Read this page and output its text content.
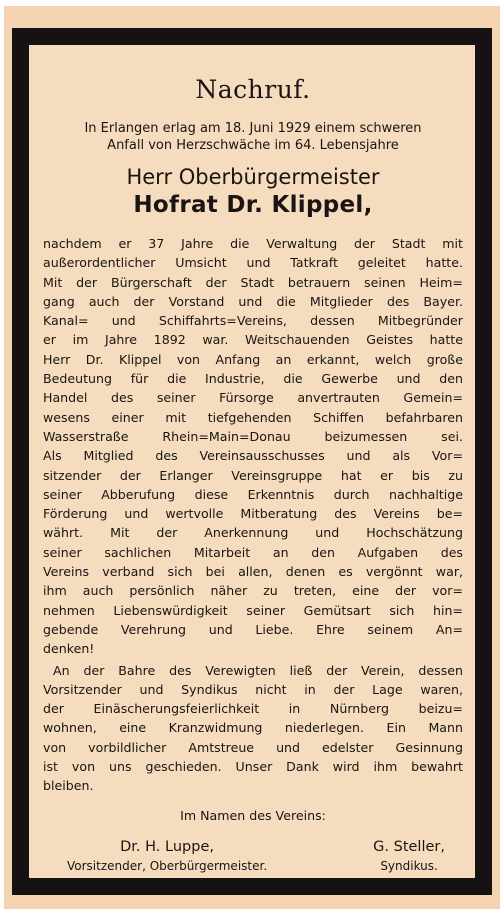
Nachruf.
In Erlangen erlag am 18. Juni 1929 einem schweren
Anfall von Herzschwäche im 64. Lebensjahre
Herr Oberbürgermeister
Hofrat Dr. Klippel,
nachdem er 37 Jahre die Verwaltung der Stadt mit
außerordentlicher Umsicht und Tatkraft geleitet hatte.
Mit der Bürgerschaft der Stadt betrauern seinen Heim=
gang auch der Vorstand und die Mitglieder des Bayer.
Kanal= und Schiffahrts=Vereins, dessen Mitbegründer
er im Jahre 1892 war. Weitschauenden Geistes hatte
Herr Dr. Klippel von Anfang an erkannt, welch große
Bedeutung für die Industrie, die Gewerbe und den
Handel des seiner Fürsorge anvertrauten Gemein=
wesens einer mit tiefgehenden Schiffen befahrbaren
Wasserstraße Rhein=Main=Donau beizumessen sei.
Als Mitglied des Vereinsausschusses und als Vor=
sitzender der Erlanger Vereinsgruppe hat er bis zu
seiner Abberufung diese Erkenntnis durch nachhaltige
Förderung und wertvolle Mitberatung des Vereins be=
währt. Mit der Anerkennung und Hochschätzung
seiner sachlichen Mitarbeit an den Aufgaben des
Vereins verband sich bei allen, denen es vergönnt war,
ihm auch persönlich näher zu treten, eine der vor=
nehmen Liebenswürdigkeit seiner Gemütsart sich hin=
gebende Verehrung und Liebe. Ehre seinem An=
denken!
An der Bahre des Verewigten ließ der Verein, dessen
Vorsitzender und Syndikus nicht in der Lage waren,
der Einäscherungsfeierlichkeit in Nürnberg beizu=
wohnen, eine Kranzwidmung niederlegen. Ein Mann
von vorbildlicher Amtstreue und edelster Gesinnung
ist von uns geschieden. Unser Dank wird ihm bewahrt
bleiben.
Im Namen des Vereins:
Dr. H. Luppe,
Vorsitzender, Oberbürgermeister.
G. Steller,
Syndikus.
